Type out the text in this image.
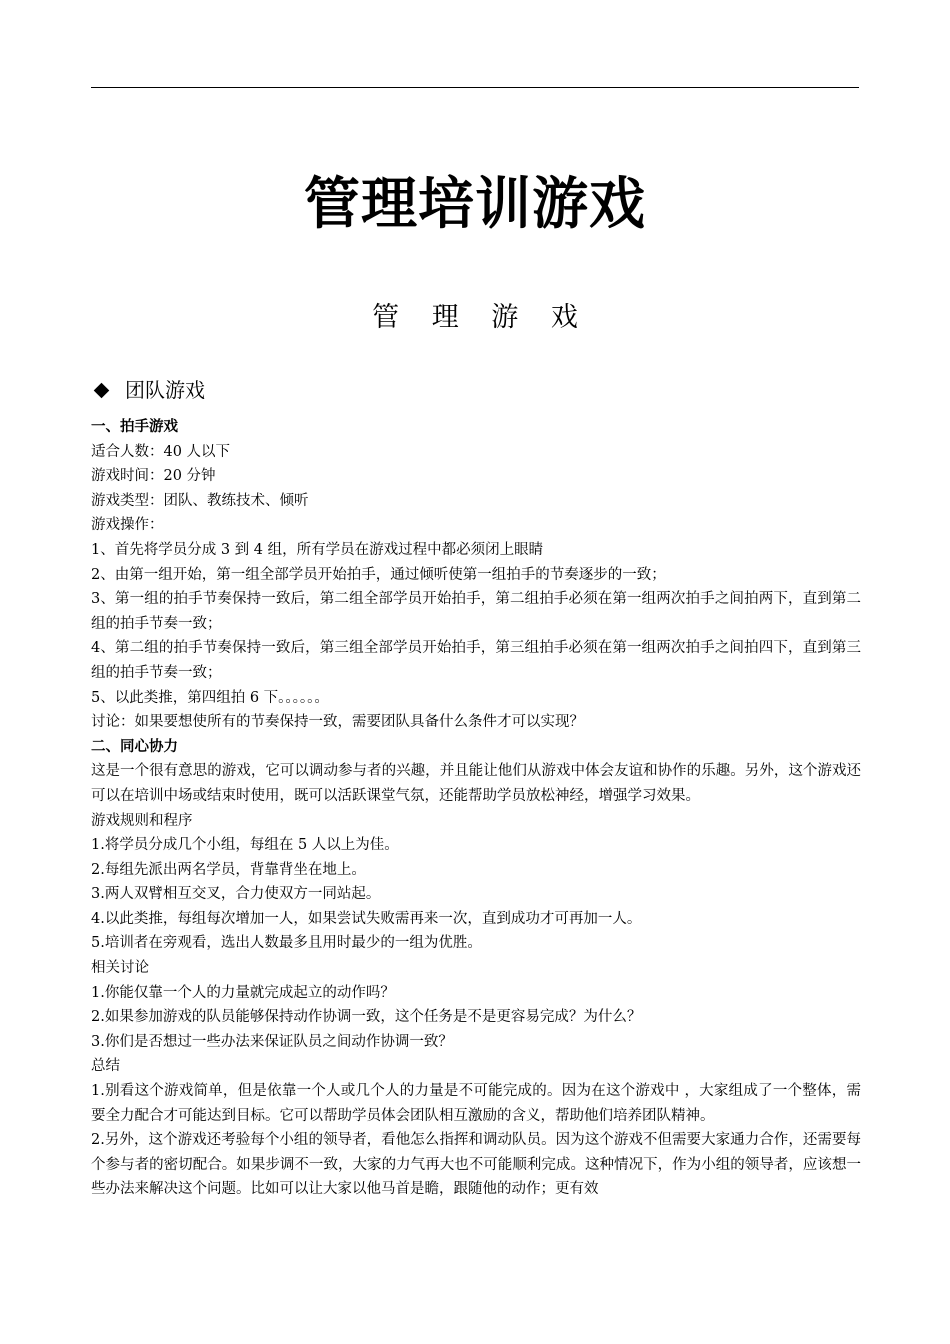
管理培训游戏
管 理 游 戏
团队游戏
一、拍手游戏
适合人数：40 人以下
游戏时间：20 分钟
游戏类型：团队、教练技术、倾听
游戏操作：
1、首先将学员分成 3 到 4 组，所有学员在游戏过程中都必须闭上眼睛
2、由第一组开始，第一组全部学员开始拍手，通过倾听使第一组拍手的节奏逐步的一致；
3、第一组的拍手节奏保持一致后，第二组全部学员开始拍手，第二组拍手必须在第一组两次拍手之间拍两下，直到第二组的拍手节奏一致；
4、第二组的拍手节奏保持一致后，第三组全部学员开始拍手，第三组拍手必须在第一组两次拍手之间拍四下，直到第三组的拍手节奏一致；
5、以此类推，第四组拍 6 下。。。。。。
讨论：如果要想使所有的节奏保持一致，需要团队具备什么条件才可以实现？
二、同心协力
这是一个很有意思的游戏，它可以调动参与者的兴趣，并且能让他们从游戏中体会友谊和协作的乐趣。另外，这个游戏还可以在培训中场或结束时使用，既可以活跃课堂气氛，还能帮助学员放松神经，增强学习效果。
游戏规则和程序
1.将学员分成几个小组，每组在 5 人以上为佳。
2.每组先派出两名学员，背靠背坐在地上。
3.两人双臂相互交叉，合力使双方一同站起。
4.以此类推，每组每次增加一人，如果尝试失败需再来一次，直到成功才可再加一人。
5.培训者在旁观看，选出人数最多且用时最少的一组为优胜。
相关讨论
1.你能仅靠一个人的力量就完成起立的动作吗？
2.如果参加游戏的队员能够保持动作协调一致，这个任务是不是更容易完成？为什么？
3.你们是否想过一些办法来保证队员之间动作协调一致？
总结
1.别看这个游戏简单，但是依靠一个人或几个人的力量是不可能完成的。因为在这个游戏中 ，大家组成了一个整体，需要全力配合才可能达到目标。它可以帮助学员体会团队相互激励的含义，帮助他们培养团队精神。
2.另外，这个游戏还考验每个小组的领导者，看他怎么指挥和调动队员。因为这个游戏不但需要大家通力合作，还需要每个参与者的密切配合。如果步调不一致，大家的力气再大也不可能顺利完成。这种情况下，作为小组的领导者，应该想一些办法来解决这个问题。比如可以让大家以他马首是瞻，跟随他的动作；更有效
